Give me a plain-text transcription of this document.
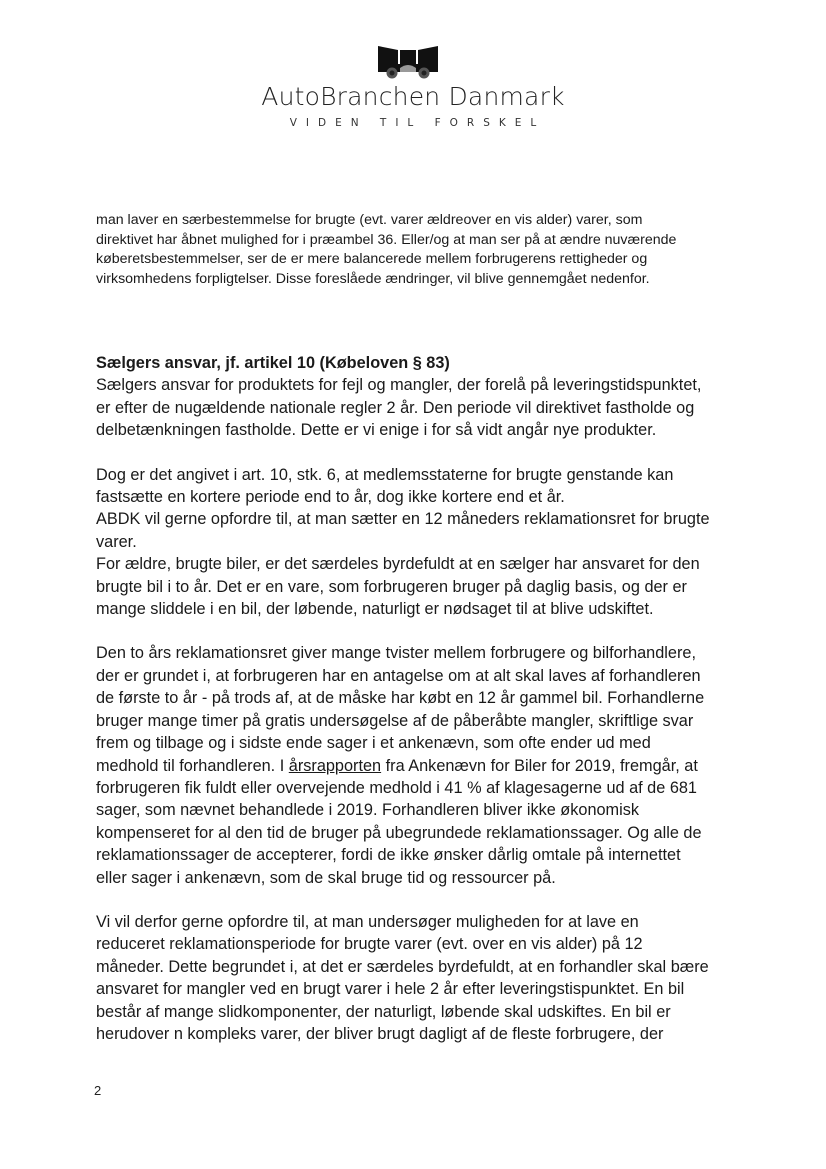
AutoBranchen Danmark
VIDEN TIL FORSKEL
man laver en særbestemmelse for brugte (evt. varer ældreover en vis alder) varer, som
direktivet har åbnet mulighed for i præambel 36. Eller/og at man ser på at ændre nuværende
køberetsbestemmelser, ser de er mere balancerede mellem forbrugerens rettigheder og
virksomhedens forpligtelser. Disse foreslåede ændringer, vil blive gennemgået nedenfor.
Sælgers ansvar, jf. artikel 10 (Købeloven § 83)
Sælgers ansvar for produktets for fejl og mangler, der forelå på leveringstidspunktet,
er efter de nugældende nationale regler 2 år. Den periode vil direktivet fastholde og
delbetænkningen fastholde. Dette er vi enige i for så vidt angår nye produkter.
Dog er det angivet i art. 10, stk. 6, at medlemsstaterne for brugte genstande kan
fastsætte en kortere periode end to år, dog ikke kortere end et år.
ABDK vil gerne opfordre til, at man sætter en 12 måneders reklamationsret for brugte
varer.
For ældre, brugte biler, er det særdeles byrdefuldt at en sælger har ansvaret for den
brugte bil i to år. Det er en vare, som forbrugeren bruger på daglig basis, og der er
mange sliddele i en bil, der løbende, naturligt er nødsaget til at blive udskiftet.
Den to års reklamationsret giver mange tvister mellem forbrugere og bilforhandlere,
der er grundet i, at forbrugeren har en antagelse om at alt skal laves af forhandleren
de første to år - på trods af, at de måske har købt en 12 år gammel bil. Forhandlerne
bruger mange timer på gratis undersøgelse af de påberåbte mangler, skriftlige svar
frem og tilbage og i sidste ende sager i et ankenævn, som ofte ender ud med
medhold til forhandleren. I årsrapporten fra Ankenævn for Biler for 2019, fremgår, at
forbrugeren fik fuldt eller overvejende medhold i 41 % af klagesagerne ud af de 681
sager, som nævnet behandlede i 2019. Forhandleren bliver ikke økonomisk
kompenseret for al den tid de bruger på ubegrundede reklamationssager. Og alle de
reklamationssager de accepterer, fordi de ikke ønsker dårlig omtale på internettet
eller sager i ankenævn, som de skal bruge tid og ressourcer på.
Vi vil derfor gerne opfordre til, at man undersøger muligheden for at lave en
reduceret reklamationsperiode for brugte varer (evt. over en vis alder) på 12
måneder. Dette begrundet i, at det er særdeles byrdefuldt, at en forhandler skal bære
ansvaret for mangler ved en brugt varer i hele 2 år efter leveringstispunktet. En bil
består af mange slidkomponenter, der naturligt, løbende skal udskiftes. En bil er
herudover n kompleks varer, der bliver brugt dagligt af de fleste forbrugere, der
2
